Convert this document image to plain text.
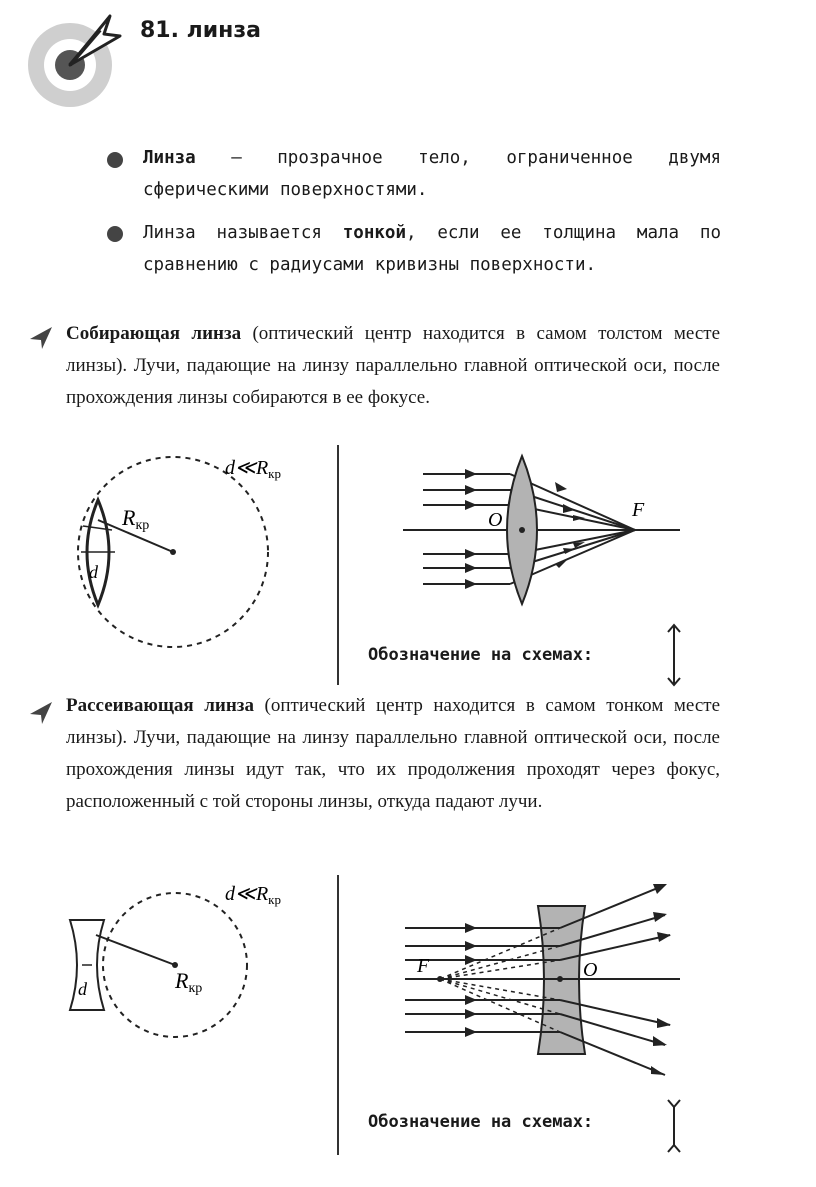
81. линза
Линза — прозрачное тело, ограниченное двумя сферическими поверхностями.
Линза называется тонкой, если ее толщина мала по сравнению с радиусами кривизны поверхности.
Собирающая линза (оптический центр находится в самом толстом месте линзы). Лучи, падающие на линзу параллельно главной оптической оси, после прохождения линзы собираются в ее фокусе.
d
Rкр
$d≪R_{кр}$
O	F
Обозначение на схемах:
Рассеивающая линза (оптический центр находится в самом тонком месте линзы). Лучи, падающие на линзу параллельно главной оптической оси, после прохождения линзы идут так, что их продолжения проходят через фокус, расположенный с той стороны линзы, откуда падают лучи.
d	Rкр
$d≪R_{кр}$
F	O
Обозначение на схемах:
